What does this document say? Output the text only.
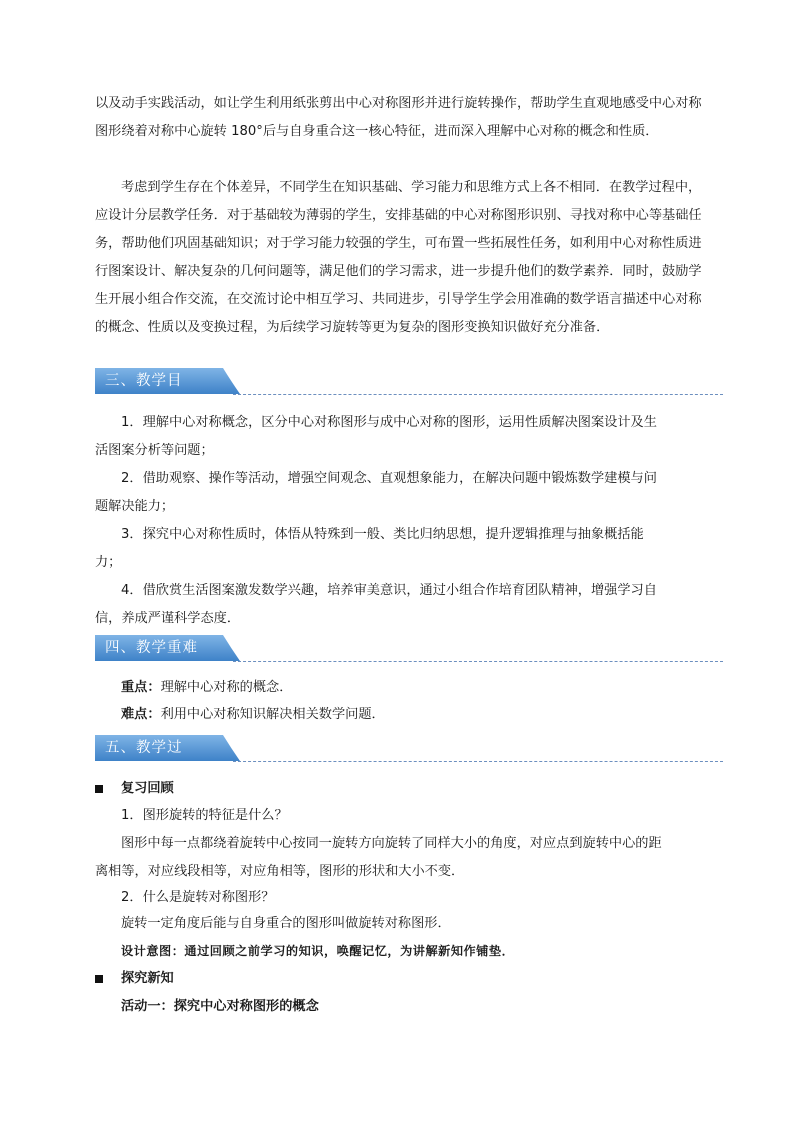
以及动手实践活动，如让学生利用纸张剪出中心对称图形并进行旋转操作，帮助学生直观地感受中心对称图形绕着对称中心旋转 180°后与自身重合这一核心特征，进而深入理解中心对称的概念和性质．

考虑到学生存在个体差异，不同学生在知识基础、学习能力和思维方式上各不相同．在教学过程中，应设计分层教学任务．对于基础较为薄弱的学生，安排基础的中心对称图形识别、寻找对称中心等基础任务，帮助他们巩固基础知识；对于学习能力较强的学生，可布置一些拓展性任务，如利用中心对称性质进行图案设计、解决复杂的几何问题等，满足他们的学习需求，进一步提升他们的数学素养．同时，鼓励学生开展小组合作交流，在交流讨论中相互学习、共同进步，引导学生学会用准确的数学语言描述中心对称的概念、性质以及变换过程，为后续学习旋转等更为复杂的图形变换知识做好充分准备．

三、教学目

1．理解中心对称概念，区分中心对称图形与成中心对称的图形，运用性质解决图案设计及生

活图案分析等问题；

2．借助观察、操作等活动，增强空间观念、直观想象能力，在解决问题中锻炼数学建模与问

题解决能力；

3．探究中心对称性质时，体悟从特殊到一般、类比归纳思想，提升逻辑推理与抽象概括能

力；

4．借欣赏生活图案激发数学兴趣，培养审美意识，通过小组合作培育团队精神，增强学习自

信，养成严谨科学态度．

四、教学重难

重点：理解中心对称的概念．

难点：利用中心对称知识解决相关数学问题．

五、教学过

复习回顾

1．图形旋转的特征是什么？

图形中每一点都绕着旋转中心按同一旋转方向旋转了同样大小的角度，对应点到旋转中心的距

离相等，对应线段相等，对应角相等，图形的形状和大小不变．

2．什么是旋转对称图形？

旋转一定角度后能与自身重合的图形叫做旋转对称图形．

设计意图：通过回顾之前学习的知识，唤醒记忆，为讲解新知作铺垫．

探究新知

活动一：探究中心对称图形的概念
